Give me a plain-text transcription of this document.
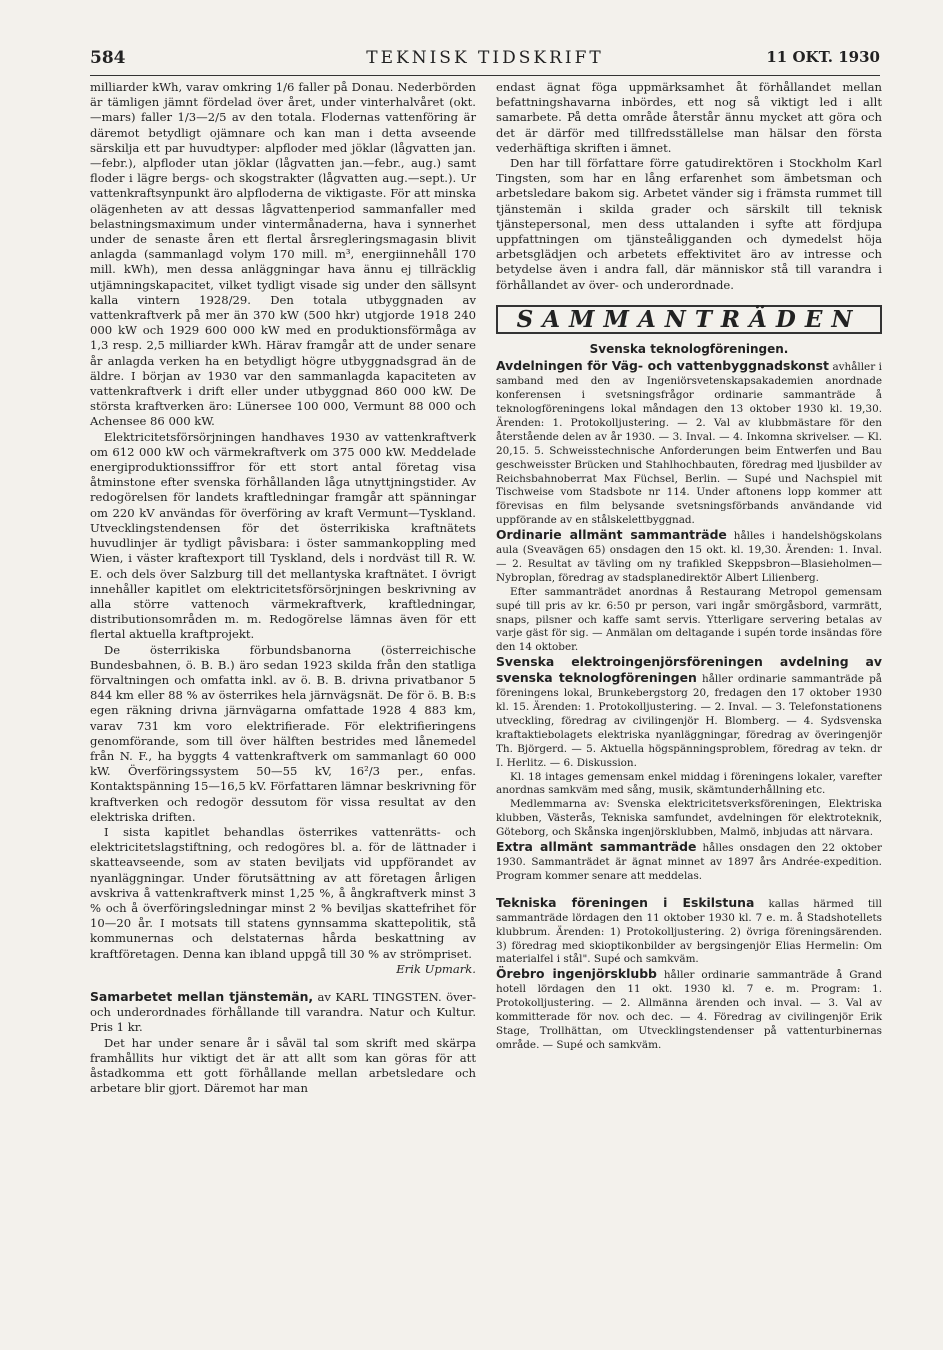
584	TEKNISK TIDSKRIFT	11 OKT. 1930

milliarder kWh, varav omkring 1/6 faller på Donau. Nederbörden är tämligen jämnt fördelad över året, under vinterhalvåret (okt.—mars) faller 1/3—2/5 av den totala. Flodernas vattenföring är däremot betydligt ojämnare och kan man i detta avseende särskilja ett par huvudtyper: alpfloder med jöklar (lågvatten jan.—febr.), alpfloder utan jöklar (lågvatten jan.—febr., aug.) samt floder i lägre bergs- och skogstrakter (lågvatten aug.—sept.). Ur vattenkraftsynpunkt äro alpfloderna de viktigaste. För att minska olägenheten av att dessas lågvattenperiod sammanfaller med belastningsmaximum under vintermånaderna, hava i synnerhet under de senaste åren ett flertal årsregleringsmagasin blivit anlagda (sammanlagd volym 170 mill. m³, energiinnehåll 170 mill. kWh), men dessa anläggningar hava ännu ej tillräcklig utjämningskapacitet, vilket tydligt visade sig under den sällsynt kalla vintern 1928/29. Den totala utbyggnaden av vattenkraftverk på mer än 370 kW (500 hkr) utgjorde 1918 240 000 kW och 1929 600 000 kW med en produktionsförmåga av 1,3 resp. 2,5 milliarder kWh. Härav framgår att de under senare år anlagda verken ha en betydligt högre utbyggnadsgrad än de äldre. I början av 1930 var den sammanlagda kapaciteten av vattenkraftverk i drift eller under utbyggnad 860 000 kW. De största kraftverken äro: Lünersee 100 000, Vermunt 88 000 och Achensee 86 000 kW.

Elektricitetsförsörjningen handhaves 1930 av vattenkraftverk om 612 000 kW och värmekraftverk om 375 000 kW. Meddelade energiproduktionssiffror för ett stort antal företag visa åtminstone efter svenska förhållanden låga utnyttjningstider. Av redogörelsen för landets kraftledningar framgår att spänningar om 220 kV användas för överföring av kraft Vermunt—Tyskland. Utvecklingstendensen för det österrikiska kraftnätets huvudlinjer är tydligt påvisbara: i öster sammankoppling med Wien, i väster kraftexport till Tyskland, dels i nordväst till R. W. E. och dels över Salzburg till det mellantyska kraftnätet. I övrigt innehåller kapitlet om elektricitetsförsörjningen beskrivning av alla större vattenoch värmekraftverk, kraftledningar, distributionsområden m. m. Redogörelse lämnas även för ett flertal aktuella kraftprojekt.

De österrikiska förbundsbanorna (österreichische Bundesbahnen, ö. B. B.) äro sedan 1923 skilda från den statliga förvaltningen och omfatta inkl. av ö. B. B. drivna privatbanor 5 844 km eller 88 % av österrikes hela järnvägsnät. De för ö. B. B:s egen räkning drivna järnvägarna omfattade 1928 4 883 km, varav 731 km voro elektrifierade. För elektrifieringens genomförande, som till över hälften bestrides med lånemedel från N. F., ha byggts 4 vattenkraftverk om sammanlagt 60 000 kW. Överföringssystem 50—55 kV, 16²/3 per., enfas. Kontaktspänning 15—16,5 kV. Författaren lämnar beskrivning för kraftverken och redogör dessutom för vissa resultat av den elektriska driften.

I sista kapitlet behandlas österrikes vattenrätts- och elektricitetslagstiftning, och redogöres bl. a. för de lättnader i skatteavseende, som av staten beviljats vid uppförandet av nyanläggningar. Under förutsättning av att företagen årligen avskriva å vattenkraftverk minst 1,25 %, å ångkraftverk minst 3 % och å överföringsledningar minst 2 % beviljas skattefrihet för 10—20 år. I motsats till statens gynnsamma skattepolitik, stå kommunernas och delstaternas hårda beskattning av kraftföretagen. Denna kan ibland uppgå till 30 % av strömpriset.

Erik Upmark.

Samarbetet mellan tjänstemän, av KARL TINGSTEN. över- och underordnades förhållande till varandra. Natur och Kultur. Pris 1 kr.

Det har under senare år i såväl tal som skrift med skärpa framhållits hur viktigt det är att allt som kan göras för att åstadkomma ett gott förhållande mellan arbetsledare och arbetare blir gjort. Däremot har man

endast ägnat föga uppmärksamhet åt förhållandet mellan befattningshavarna inbördes, ett nog så viktigt led i allt samarbete. På detta område återstår ännu mycket att göra och det är därför med tillfredsställelse man hälsar den första vederhäftiga skriften i ämnet.

Den har till författare förre gatudirektören i Stockholm Karl Tingsten, som har en lång erfarenhet som ämbetsman och arbetsledare bakom sig. Arbetet vänder sig i främsta rummet till tjänstemän i skilda grader och särskilt till teknisk tjänstepersonal, men dess uttalanden i syfte att fördjupa uppfattningen om tjänsteåligganden och dymedelst höja arbetsglädjen och arbetets effektivitet äro av intresse och betydelse även i andra fall, där människor stå till varandra i förhållandet av över- och underordnade.

SAMMANTRÄDEN
Svenska teknologföreningen.

Avdelningen för Väg- och vattenbyggnadskonst avhåller i samband med den av Ingeniörsvetenskapsakademien anordnade konferensen i svetsningsfrågor ordinarie sammanträde å teknologföreningens lokal måndagen den 13 oktober 1930 kl. 19,30. Ärenden: 1. Protokolljustering. — 2. Val av klubbmästare för den återstående delen av år 1930. — 3. Inval. — 4. Inkomna skrivelser. — Kl. 20,15. 5. Schweisstechnische Anforderungen beim Entwerfen und Bau geschweisster Brücken und Stahlhochbauten, föredrag med ljusbilder av Reichsbahnoberrat Max Füchsel, Berlin. — Supé und Nachspiel mit Tischweise vom Stadsbote nr 114. Under aftonens lopp kommer att förevisas en film belysande svetsningsförbands användande vid uppförande av en stålskelettbyggnad.

Ordinarie allmänt sammanträde hålles i handelshögskolans aula (Sveavägen 65) onsdagen den 15 okt. kl. 19,30. Ärenden: 1. Inval. — 2. Resultat av tävling om ny trafikled Skeppsbron—Blasieholmen—Nybroplan, föredrag av stadsplanedirektör Albert Lilienberg.

Efter sammanträdet anordnas å Restaurang Metropol gemensam supé till pris av kr. 6:50 pr person, vari ingår smörgåsbord, varmrätt, snaps, pilsner och kaffe samt servis. Ytterligare servering betalas av varje gäst för sig. — Anmälan om deltagande i supén torde insändas före den 14 oktober.

Svenska elektroingenjörsföreningen avdelning av svenska teknologföreningen håller ordinarie sammanträde på föreningens lokal, Brunkebergstorg 20, fredagen den 17 oktober 1930 kl. 15. Ärenden: 1. Protokolljustering. — 2. Inval. — 3. Telefonstationens utveckling, föredrag av civilingenjör H. Blomberg. — 4. Sydsvenska kraftaktiebolagets elektriska nyanläggningar, föredrag av överingenjör Th. Björgerd. — 5. Aktuella högspänningsproblem, föredrag av tekn. dr I. Herlitz. — 6. Diskussion.

Kl. 18 intages gemensam enkel middag i föreningens lokaler, varefter anordnas samkväm med sång, musik, skämtunderhållning etc.

Medlemmarna av: Svenska elektricitetsverksföreningen, Elektriska klubben, Västerås, Tekniska samfundet, avdelningen för elektroteknik, Göteborg, och Skånska ingenjörsklubben, Malmö, inbjudas att närvara.

Extra allmänt sammanträde hålles onsdagen den 22 oktober 1930. Sammanträdet är ägnat minnet av 1897 års Andrée-expedition. Program kommer senare att meddelas.

Tekniska föreningen i Eskilstuna kallas härmed till sammanträde lördagen den 11 oktober 1930 kl. 7 e. m. å Stadshotellets klubbrum. Ärenden: 1) Protokolljustering. 2) övriga föreningsärenden. 3) föredrag med skioptikonbilder av bergsingenjör Elias Hermelin: Om materialfel i stål". Supé och samkväm.

Örebro ingenjörsklubb håller ordinarie sammanträde å Grand hotell lördagen den 11 okt. 1930 kl. 7 e. m. Program: 1. Protokolljustering. — 2. Allmänna ärenden och inval. — 3. Val av kommitterade för nov. och dec. — 4. Föredrag av civilingenjör Erik Stage, Trollhättan, om Utvecklingstendenser på vattenturbinernas område. — Supé och samkväm.
